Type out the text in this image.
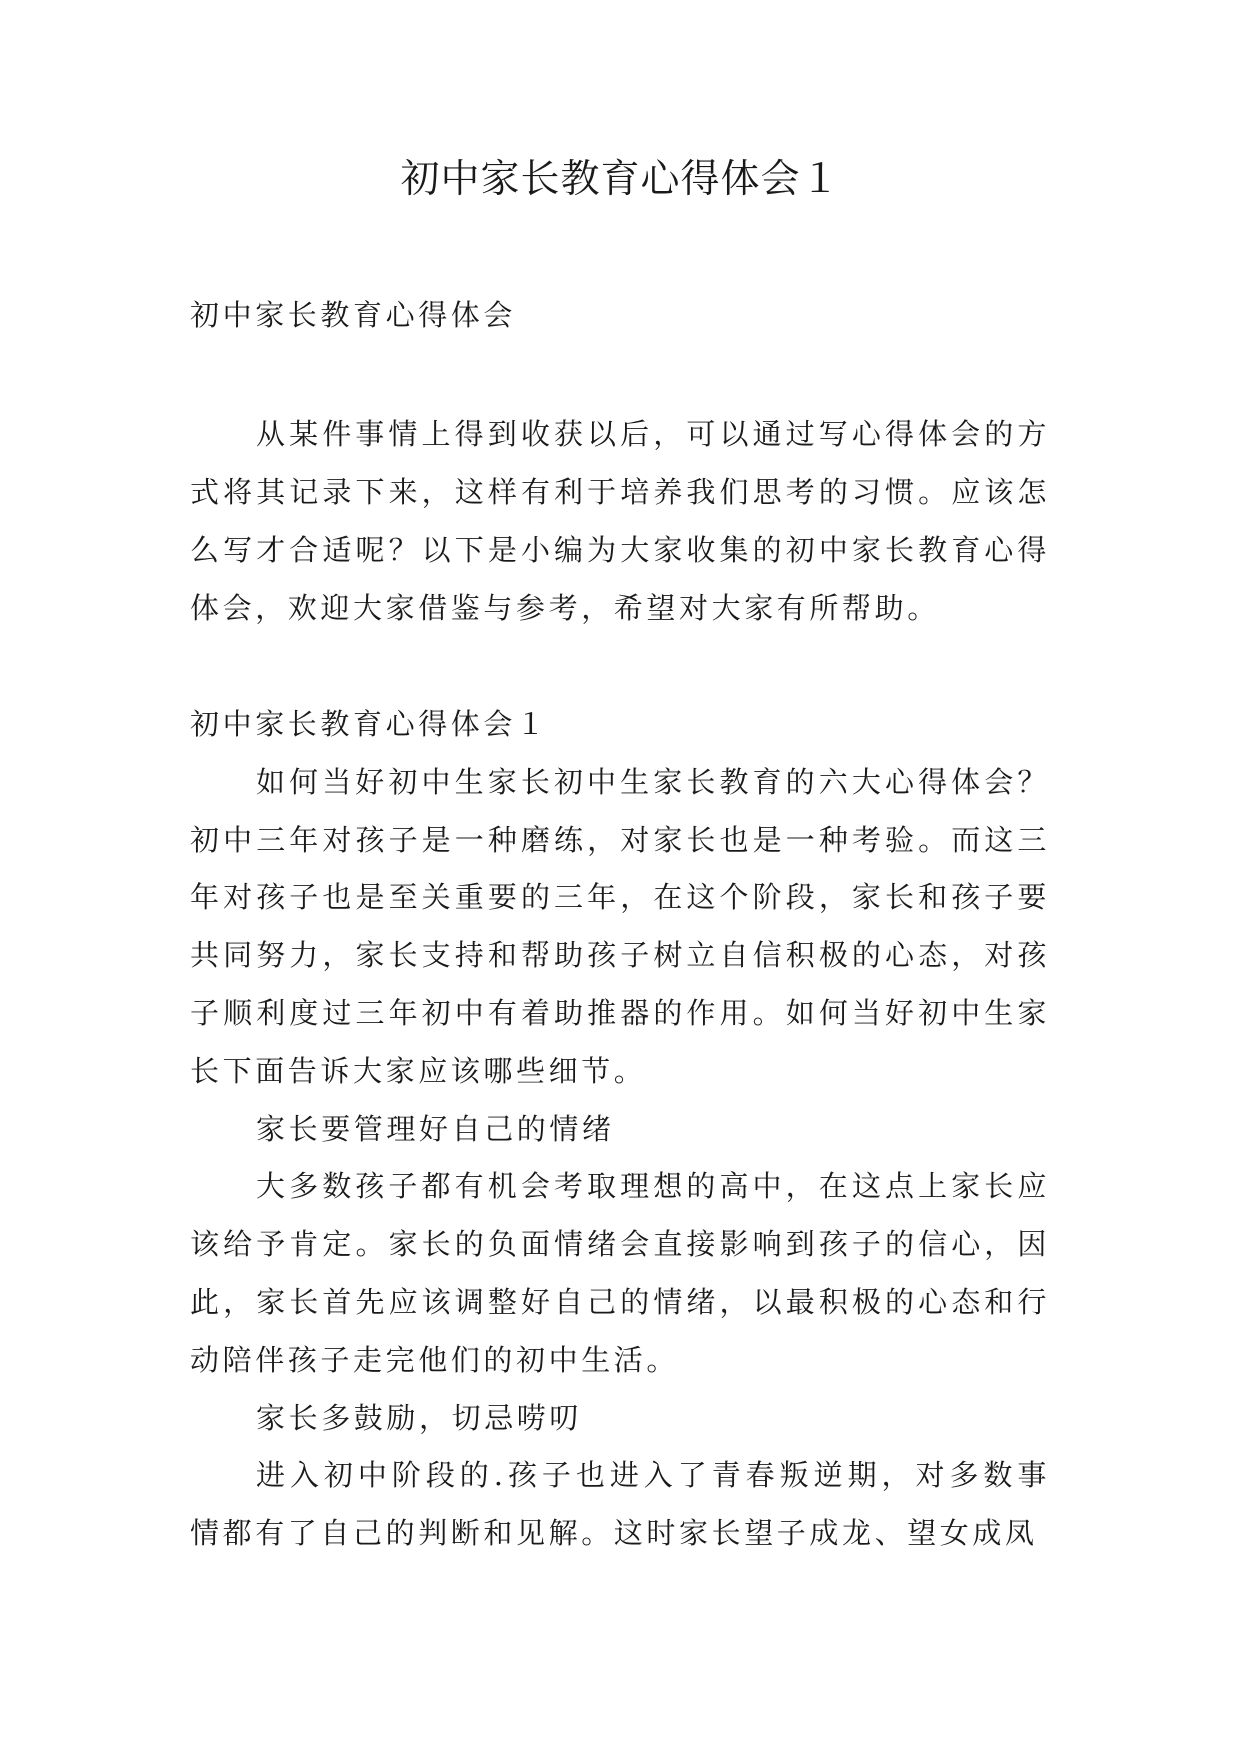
初中家长教育心得体会１

初中家长教育心得体会

从某件事情上得到收获以后，可以通过写心得体会的方式将其记录下来，这样有利于培养我们思考的习惯。应该怎么写才合适呢？以下是小编为大家收集的初中家长教育心得体会，欢迎大家借鉴与参考，希望对大家有所帮助。

初中家长教育心得体会１

如何当好初中生家长初中生家长教育的六大心得体会？初中三年对孩子是一种磨练，对家长也是一种考验。而这三年对孩子也是至关重要的三年，在这个阶段，家长和孩子要共同努力，家长支持和帮助孩子树立自信积极的心态，对孩子顺利度过三年初中有着助推器的作用。如何当好初中生家长下面告诉大家应该哪些细节。

家长要管理好自己的情绪

大多数孩子都有机会考取理想的高中，在这点上家长应该给予肯定。家长的负面情绪会直接影响到孩子的信心，因此，家长首先应该调整好自己的情绪，以最积极的心态和行动陪伴孩子走完他们的初中生活。

家长多鼓励，切忌唠叨

进入初中阶段的.孩子也进入了青春叛逆期，对多数事情都有了自己的判断和见解。这时家长望子成龙、望女成凤
